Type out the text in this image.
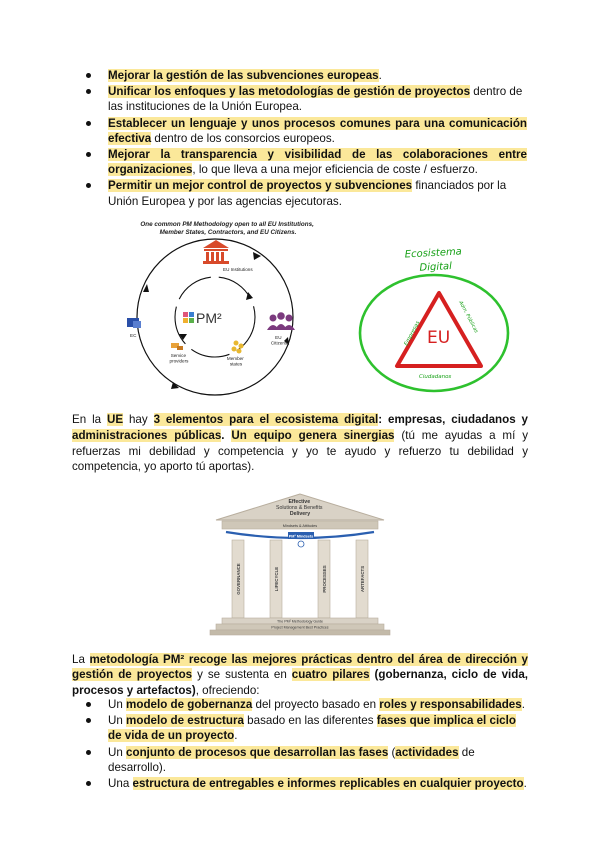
Mejorar la gestión de las subvenciones europeas.
Unificar los enfoques y las metodologías de gestión de proyectos dentro de las instituciones de la Unión Europea.
Establecer un lenguaje y unos procesos comunes para una comunicación efectiva dentro de los consorcios europeos.
Mejorar la transparencia y visibilidad de las colaboraciones entre organizaciones, lo que lleva a una mejor eficiencia de coste / esfuerzo.
Permitir un mejor control de proyectos y subvenciones financiados por la Unión Europea y por las agencias ejecutoras.
One common PM Methodology open to all EU Institutions, Member States, Contractors, and EU Citizens.
EU Institutions
PM²
EC	EU Citizens
Service providers	Member states
Ecosistema Digital
EU
Empresas	Adm. Públicas
Ciudadanos

En la UE hay 3 elementos para el ecosistema digital: empresas, ciudadanos y administraciones públicas. Un equipo genera sinergias (tú me ayudas a mí y refuerzas mi debilidad y competencia y yo te ayudo y refuerzo tu debilidad y competencia, yo aporto tú aportas).

Effective Solutions & Benefits Delivery
Mindsets & Attitudes
PM² Mindsets
GOVERNANCE	LIFECYCLE	PROCESSES	ARTEFACTS
The PM² Methodology Guide
Project Management Best Practices

La metodología PM² recoge las mejores prácticas dentro del área de dirección y gestión de proyectos y se sustenta en cuatro pilares (gobernanza, ciclo de vida, procesos y artefactos), ofreciendo:

Un modelo de gobernanza del proyecto basado en roles y responsabilidades.
Un modelo de estructura basado en las diferentes fases que implica el ciclo de vida de un proyecto.
Un conjunto de procesos que desarrollan las fases (actividades de desarrollo).
Una estructura de entregables e informes replicables en cualquier proyecto.
